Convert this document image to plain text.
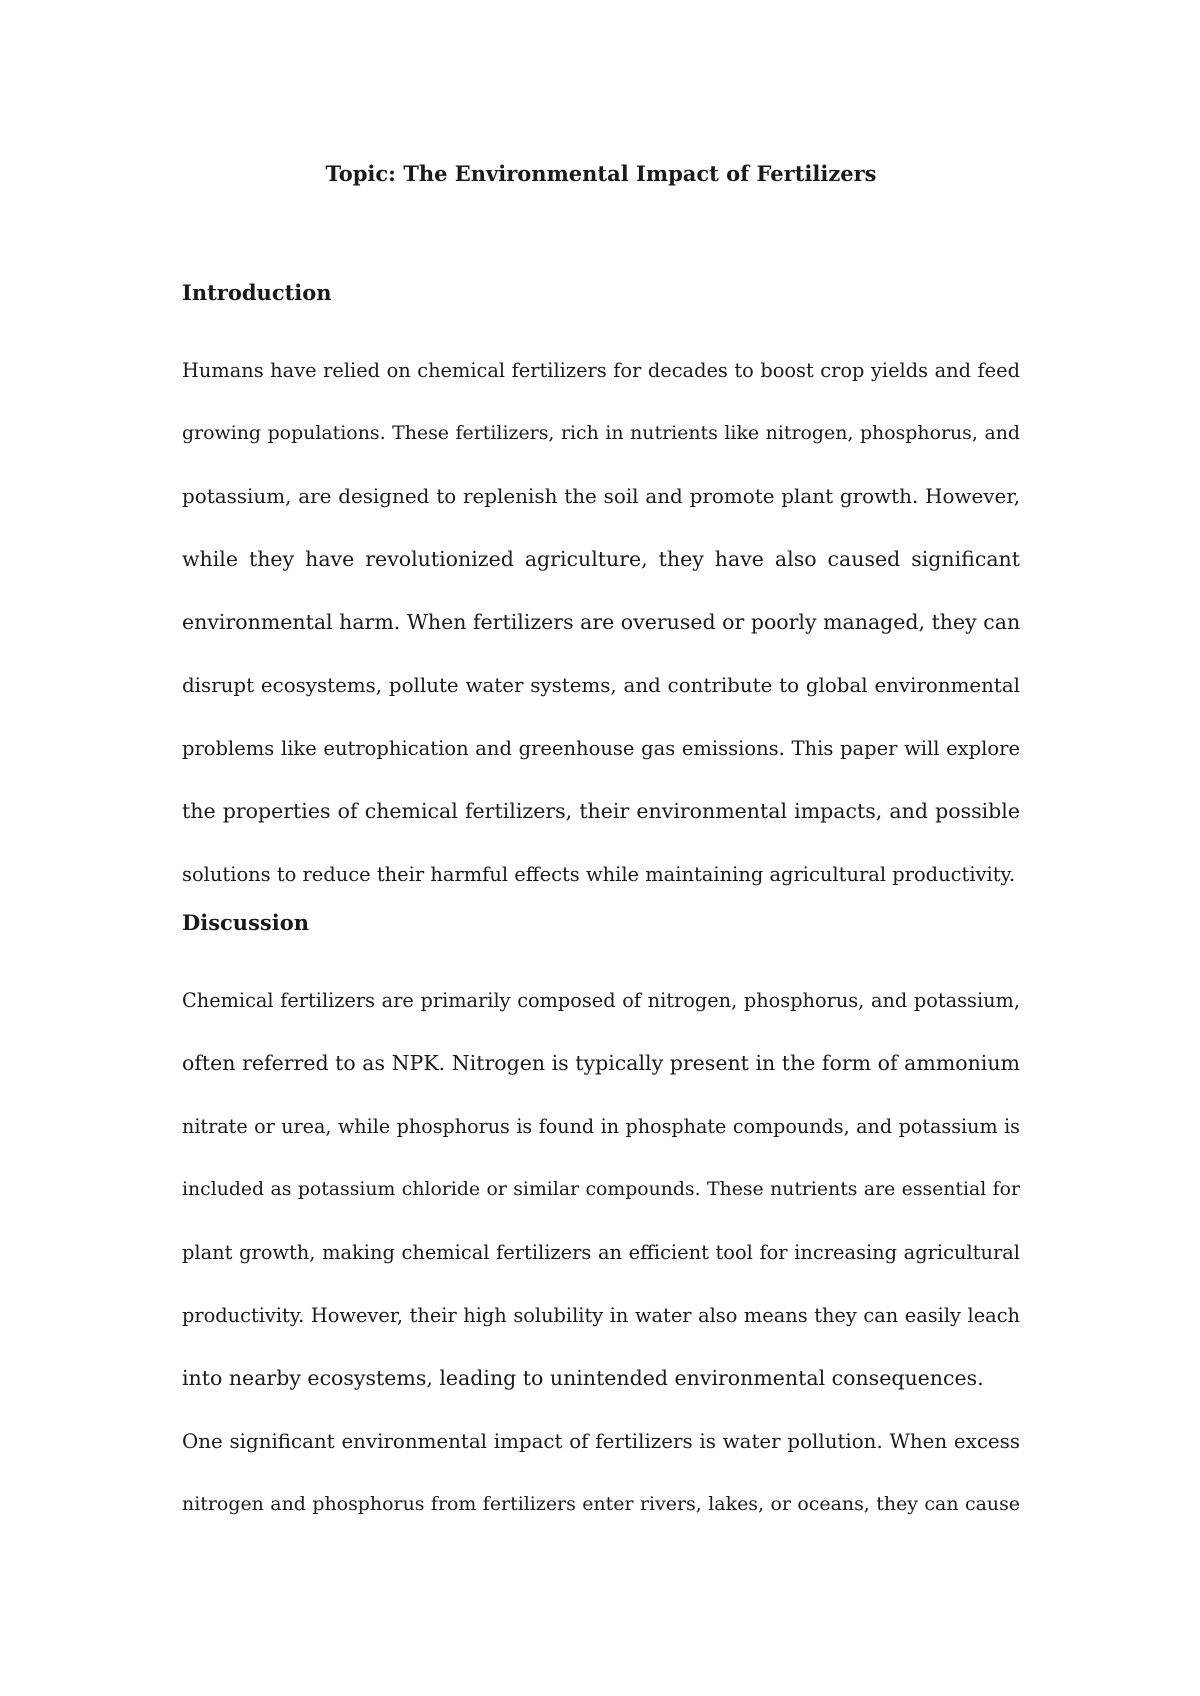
Topic: The Environmental Impact of Fertilizers
Introduction

Humans have relied on chemical fertilizers for decades to boost crop yields and feed
growing populations. These fertilizers, rich in nutrients like nitrogen, phosphorus, and
potassium, are designed to replenish the soil and promote plant growth. However,
while they have revolutionized agriculture, they have also caused significant
environmental harm. When fertilizers are overused or poorly managed, they can
disrupt ecosystems, pollute water systems, and contribute to global environmental
problems like eutrophication and greenhouse gas emissions. This paper will explore
the properties of chemical fertilizers, their environmental impacts, and possible
solutions to reduce their harmful effects while maintaining agricultural productivity.

Discussion

Chemical fertilizers are primarily composed of nitrogen, phosphorus, and potassium,
often referred to as NPK. Nitrogen is typically present in the form of ammonium
nitrate or urea, while phosphorus is found in phosphate compounds, and potassium is
included as potassium chloride or similar compounds. These nutrients are essential for
plant growth, making chemical fertilizers an efficient tool for increasing agricultural
productivity. However, their high solubility in water also means they can easily leach
into nearby ecosystems, leading to unintended environmental consequences.

One significant environmental impact of fertilizers is water pollution. When excess
nitrogen and phosphorus from fertilizers enter rivers, lakes, or oceans, they can cause
